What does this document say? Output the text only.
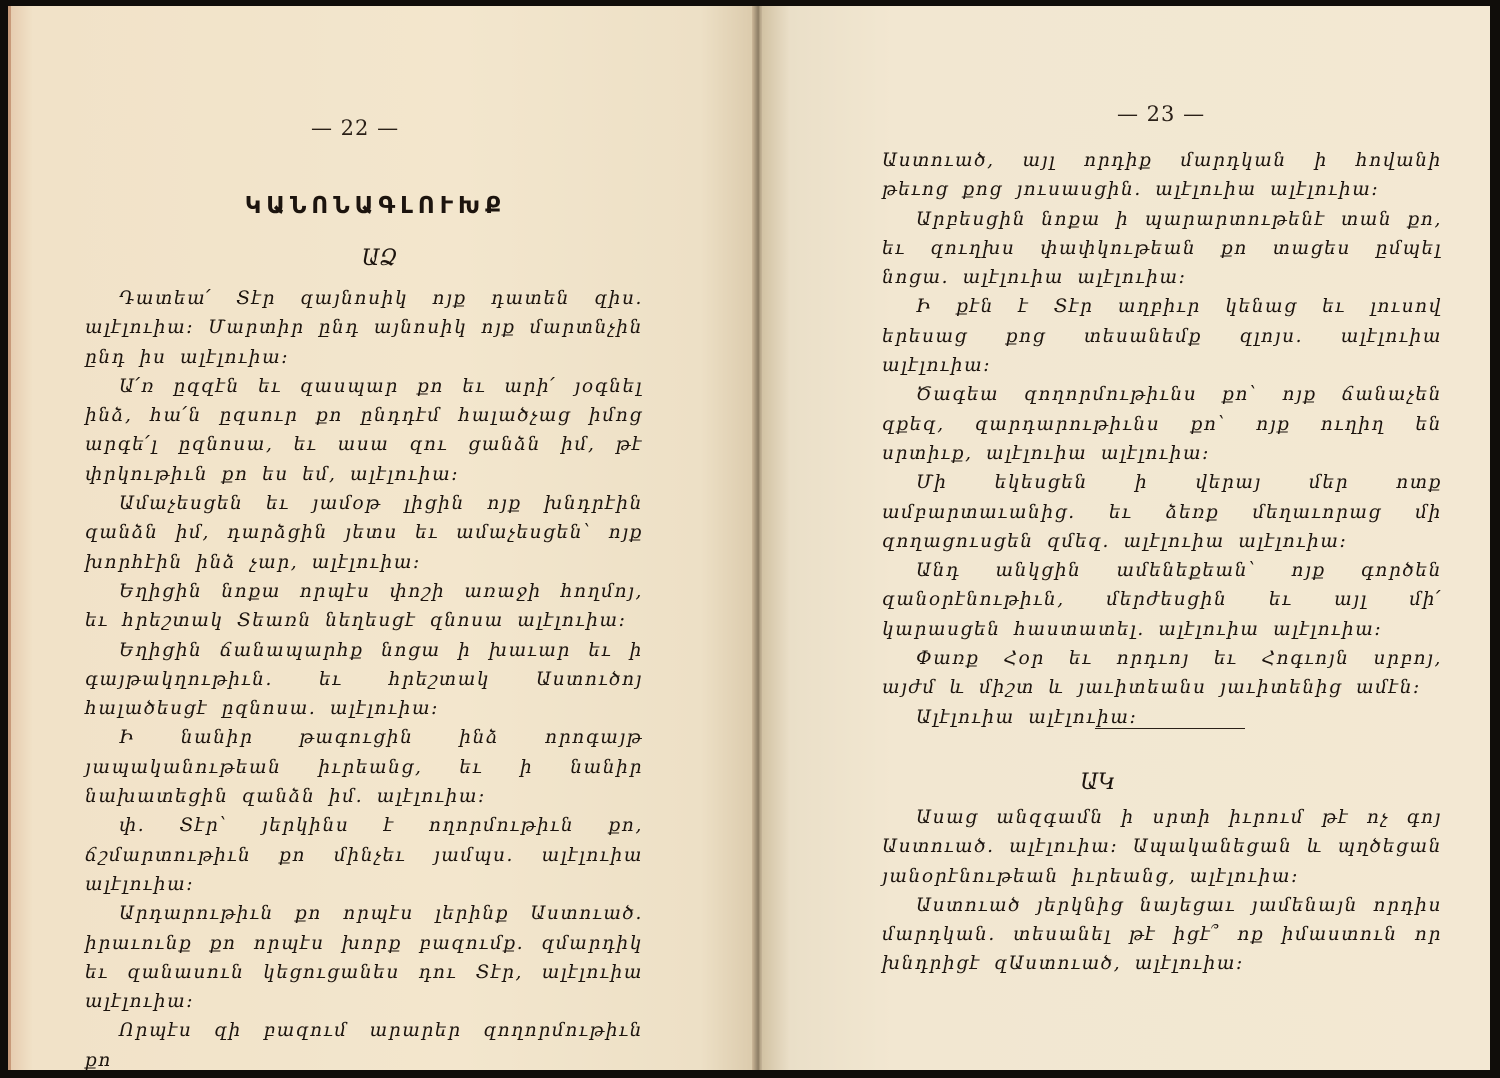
— 22 —
ԿԱՆՈՆԱԳԼՈՒԽՔ
ԱՁ

Դատեա՛ Տէր զայնոսիկ ոյք դատեն զիս. ալէլուիա: Մարտիր ընդ այնոսիկ ոյք մարտնչին ընդ իս ալէլուիա։

Ա՛ռ ըզզէն եւ զասպար քո եւ արի՛ յօգնել ինձ, հա՛ն ըզսուր քո ընդդէմ հալածչաց իմոց արգե՛լ ըզնոսա, եւ ասա զու ցանձն իմ, թէ փրկութիւն քո ես եմ, ալէլուիա։

Ամաչեսցեն եւ յամօթ լիցին ոյք խնդրէին զանձն իմ, դարձցին յետս եւ ամաչեսցեն՝ ոյք խորհէին ինձ չար, ալէլուիա։

Եղիցին նոքա որպէս փոշի առաջի հողմոյ, եւ հրեշտակ Տեառն նեղեսցէ զնոսա ալէլուիա։

Եղիցին ճանապարհք նոցա ի խաւար եւ ի գայթակղութիւն. եւ հրեշտակ Աստուծոյ հալածեսցէ ըզնոսա. ալէլուիա:

Ի նանիր թագուցին ինձ որոգայթ յապականութեան իւրեանց, եւ ի նանիր նախատեցին զանձն իմ. ալէլուիա:

փ. Տէր՝ յերկինս է ողորմութիւն քո, ճշմարտութիւն քո մինչեւ յամպս. ալէլուիա ալէլուիա:

Արդարութիւն քո որպէս լերինք Աստուած. իրաւունք քո որպէս խորք բազումք. զմարդիկ եւ զանասուն կեցուցանես դու Տէր, ալէլուիա ալէլուիա:

Որպէս զի բազում արարեր զողորմութիւն քո

— 23 —

Աստուած, այլ որդիք մարդկան ի հովանի թեւոց քոց յուսասցին. ալէլուիա ալէլուիա:

Արբեսցին նոքա ի պարարտութենէ տան քո, եւ զուղխս փափկութեան քո տացես ըմպել նոցա. ալէլուիա ալէլուիա:

Ի քէն է Տէր աղբիւր կենաց եւ լուսով երեսաց քոց տեսանեմք զլոյս. ալէլուիա ալէլուիա:

Ծագեա զողորմութիւնս քո՝ ոյք ճանաչեն զքեզ, զարդարութիւնս քո՝ ոյք ուղիղ են սրտիւք, ալէլուիա ալէլուիա:

Մի եկեսցեն ի վերայ մեր ոտք ամբարտաւանից. եւ ձեռք մեղաւորաց մի զողացուսցեն զմեզ. ալէլուիա ալէլուիա։

Անդ անկցին ամենեքեան՝ ոյք գործեն զանօրէնութիւն, մերժեսցին եւ այլ մի՛ կարասցեն հաստատել. ալէլուիա ալէլուիա։

Փառք Հօր եւ որդւոյ եւ Հոգւոյն սրբոյ, այժմ և միշտ և յաւիտեանս յաւիտենից ամէն։

Ալէլուիա ալէլուիա։

ԱԿ

Ասաց անզգամն ի սրտի իւրում թէ ոչ գոյ Աստուած. ալէլուիա։ Ապականեցան և պղծեցան յանօրէնութեան իւրեանց, ալէլուիա։

Աստուած յերկնից նայեցաւ յամենայն որդիս մարդկան. տեսանել թէ իցէ՞ ոք իմաստուն որ խնդրիցէ զԱստուած, ալէլուիա։
